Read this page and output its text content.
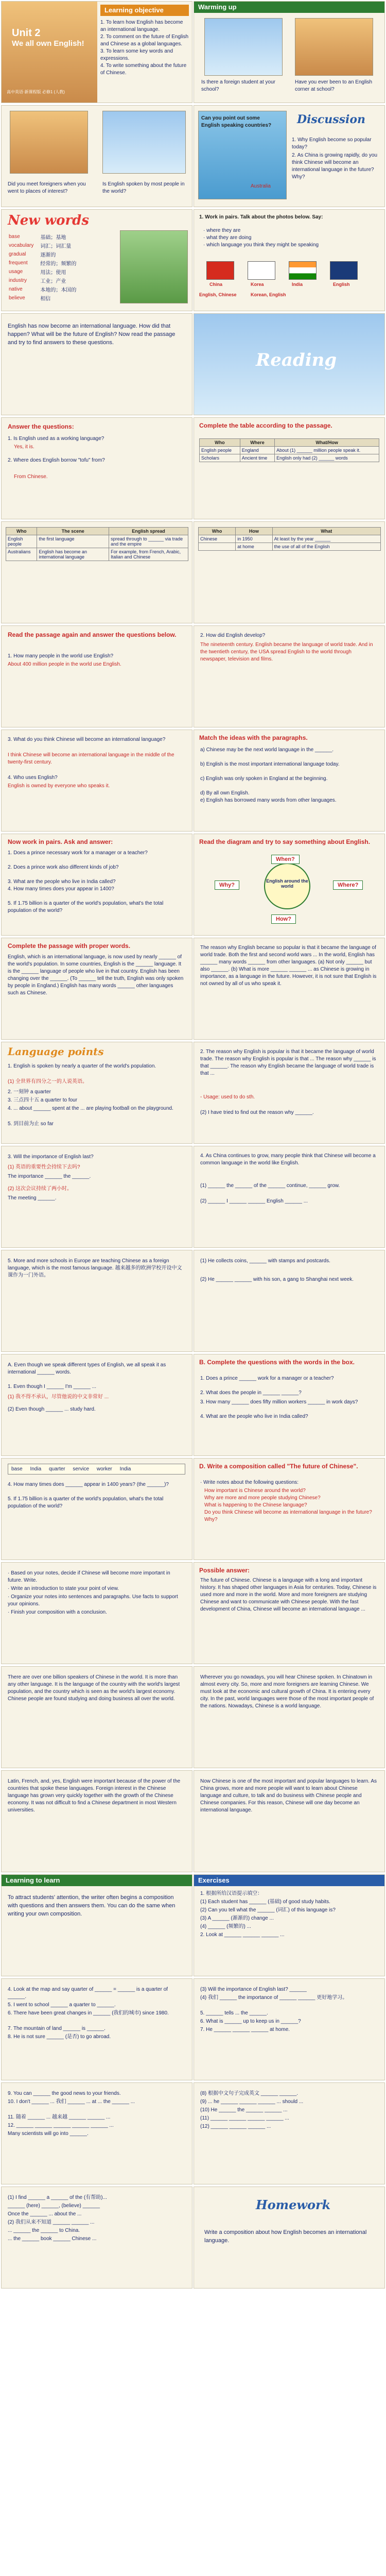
Unit 2
We all own English!
高中英语·新课程版 必修1 (人教)
Learning objective
1. To learn how English has become an international language.
2. To comment on the future of English and Chinese as a global languages.
3. To learn some key words and expressions.
4. To write something about the future of Chinese.
Warming up
Is there a foreign student at your school?
Have you ever been to an English corner at school?
Did you meet foreigners when you went to places of interest?
Is English spoken by most people in the world?
Can you point out some English speaking countries?
Australia
Discussion
1. Why English become so popular today?
2. As China is growing rapidly, do you think Chinese will become an international language in the future? Why?
New words
base	基础；基地
vocabulary	词汇；词汇量
gradual	逐渐的
frequent	经常的；频繁的
usage	用法；使用
industry	工业；产业
native	本地的；本国的
believe	相信
1. Work in pairs. Talk about the photos below. Say:
· where they are
· what they are doing
· which language you think they might be speaking
China	Korea	India
English, Chinese	Korean, English
English
English has now become an international language. How did that happen? What will be the future of English? Now read the passage and try to find answers to these questions.
Reading
Answer the questions:
1. Is English used as a working language?
Yes, it is.
2. Where does English borrow "tofu" from?
From Chinese.
Complete the table according to the passage.
Who	Where	What/How
English people	England	About (1) ______ million people speak it.
Scholars	Ancient time	English only had (2) ______ words
Who	The scene	English spread
English people	the first language	spread through to ______ via trade and the empire
Australians	English has become an international language	For example, from French, Arabic, Italian and Chinese
Who	How	What
Chinese	in 1950	At least by the year ______
	at home	the use of all of the English
Read the passage again and answer the questions below.
1. How many people in the world use English?
About 400 million people in the world use English.
2. How did English develop?
The nineteenth century. English became the language of world trade. And in the twentieth century, the USA spread English to the world through newspaper, television and films.
3. What do you think Chinese will become an international language?
I think Chinese will become an international language in the middle of the twenty-first century.
4. Who uses English?
English is owned by everyone who speaks it.
Match the ideas with the paragraphs.
a) Chinese may be the next world language in the ______.
b) English is the most important international language today.
c) English was only spoken in England at the beginning.
d) By all own English.
e) English has borrowed many words from other languages.
Now work in pairs. Ask and answer:
1. Does a prince necessary work for a manager or a teacher?
2. Does a prince work also different kinds of job?
3. What are the people who live in India called?
4. How many times does your appear in 1400?
5. If 1.75 billion is a quarter of the world's population, what's the total population of the world?
Read the diagram and try to say something about English.
English around the world
Why?
How?
Where?
When?
Complete the passage with proper words.
English, which is an international language, is now used by nearly ______ of the world's population. In some countries, English is the ______ language. It is the ______ language of people who live in that country. English has been changing over the ______. (To ______ tell the truth, English was only spoken by people in England.) English has many words ______ other languages such as Chinese.
The reason why English became so popular is that it became the language of world trade. Both the first and second world wars ... In the world, English has ______ many words ______ from other languages. (a) Not only ______ but also ______. (b) What is more ______ ______ ... as Chinese is growing in importance, as a language in the future. However, it is not sure that English is not owned by all of us who speak it.
Language points
1. English is spoken by nearly a quarter of the world's population.
(1) 全世界有四分之一的人说英语。
2. 一刻钟 a quarter
3. 三点四十五 a quarter to four
4. ... about ______ spent at the ... are playing football on the playground.
5. 到目前为止 so far
2. The reason why English is popular is that it became the language of world trade. The reason why English is popular is that ... The reason why ______ is that ______. The reason why English became the language of world trade is that ...
- Usage: used to do sth.
(2) I have tried to find out the reason why ______.
3. Will the importance of English last?
(1) 英语的重要性会持续下去吗?
The importance ______ the ______.
(2) 这次会议持续了两小时。
The meeting ______.
4. As China continues to grow, many people think that Chinese will become a common language in the world like English.
(1) ______ the ______ of the ______ continue, ______ grow.
(2) ______ I ______ ______ English ______ ...
5. More and more schools in Europe are teaching Chinese as a foreign language, which is the most famous language. 越来越多的欧洲学校开设中文课作为一门外语。
(1) He collects coins, ______ with stamps and postcards.
(2) He ______ ______ with his son, a gang to Shanghai next week.
A. Even though we speak different types of English, we all speak it as international ______ words.
1. Even though I ______ I'm ______ ...
(1) 我不得不承认，尽管他说的中文非常好 ...
(2) Even though ______ ... study hard.
B. Complete the questions with the words in the box.
1. Does a prince ______ work for a manager or a teacher?
2. What does the people in ______ ______?
3. How many ______ does fifty million workers ______ in work days?
4. What are the people who live in India called?
base India quarter service worker India
4. How many times does ______ appear in 1400 years? (the ______)?
5. If 1.75 billion is a quarter of the world's population, what's the total population of the world?
D. Write a composition called "The future of Chinese".
· Write notes about the following questions:
How important is Chinese around the world?
Why are more and more people studying Chinese?
What is happening to the Chinese language?
Do you think Chinese will become as international language in the future? Why?
· Based on your notes, decide if Chinese will become more important in future. Write.
· Write an introduction to state your point of view.
· Organize your notes into sentences and paragraphs. Use facts to support your opinions.
· Finish your composition with a conclusion.
Possible answer:
The future of Chinese. Chinese is a language with a long and important history. It has shaped other languages in Asia for centuries. Today, Chinese is used more and more in the world. More and more foreigners are studying Chinese and want to communicate with Chinese people. With the fast development of China, Chinese will become an international language ...
There are over one billion speakers of Chinese in the world. It is more than any other language. It is the language of the country with the world's largest population, and the country which is seen as the world's largest economy. Chinese people are found studying and doing business all over the world.
Wherever you go nowadays, you will hear Chinese spoken. In Chinatown in almost every city. So, more and more foreigners are learning Chinese. We must look at the economic and cultural growth of China. It is entering every city. In the past, world languages were those of the most important people of the nations. Nowadays, Chinese is a world language.
Latin, French, and, yes, English were important because of the power of the countries that spoke these languages. Foreign interest in the Chinese language has grown very quickly together with the growth of the Chinese economy. It was not difficult to find a Chinese department in most Western universities.
Now Chinese is one of the most important and popular languages to learn. As China grows, more and more people will want to learn about Chinese language and culture, to talk and do business with Chinese people and Chinese companies. For this reason, Chinese will one day become an international language.
Learning to learn
To attract students' attention, the writer often begins a composition with questions and then answers them. You can do the same when writing your own composition.
Exercises
1. 根据所给汉语提示填空：
(1) Each student has ______ (基础) of good study habits.
(2) Can you tell what the ______ (词汇) of this language is?
(3) A ______ (渐渐的) change ...
(4) ______ (频繁的) ...
2. Look at ______ ______ ______ ...
4. Look at the map and say quarter of ______ = ______ is a quarter of ______.
5. I went to school ______ a quarter to ______.
6. There have been great changes in ______ (我们的城市) since 1980.
7. The mountain of land ______ is ______.
8. He is not sure ______ (是否) to go abroad.
(3) Will the importance of English last? ______
(4) 我们 ______ the importance of ______ ______ 更好地学习。
5. ______ tells ... the ______.
6. What is ______ up to keep us in ______?
7. He ______ ______ ______ at home.
9. You can ______ the good news to your friends.
10. I don't ______ ... 我们 ______ ... at ... the ______ ...
11. 随着 ______ ... 越来越 ______ ______ ...
12. ______ ______ ______ ______ ______ ...
Many scientists will go into ______.
(8) 根据中文句子完成英文 ______ ______.
(9) ... he ______ ______ ______ ... should ...
(10) He ______ the ______ ______ ...
(11) ______ ______ ______ ______ ...
(12) ______ ______ ______ ...
(1) I find ______ a ______ of the (有帮助)...
______ (here) ______, (believe) ______
Once the ______ ... about the ...
(2) 我们从来不知道 ______ ______ ...
... ______ the ______ to China.
... the ______ book ______ Chinese ...
Homework
Write a composition about how English becomes an international language.
